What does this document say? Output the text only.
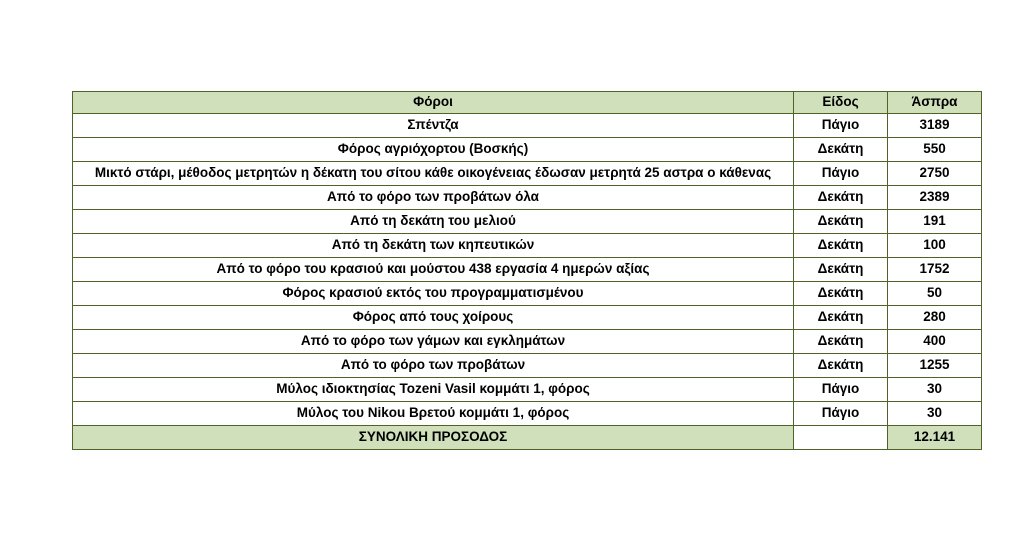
Φόροι	Είδος	Άσπρα
Σπέντζα	Πάγιο	3189
Φόρος αγριόχορτου (Βοσκής)	Δεκάτη	550
Μικτό στάρι, μέθοδος μετρητών η δέκατη του σίτου κάθε οικογένειας έδωσαν μετρητά 25 αστρα ο κάθενας	Πάγιο	2750
Από το φόρο των προβάτων όλα	Δεκάτη	2389
Από τη δεκάτη του μελιού	Δεκάτη	191
Από τη δεκάτη των κηπευτικών	Δεκάτη	100
Από το φόρο του κρασιού και μούστου 438 εργασία 4 ημερών αξίας	Δεκάτη	1752
Φόρος κρασιού εκτός του προγραμματισμένου	Δεκάτη	50
Φόρος από τους χοίρους	Δεκάτη	280
Από το φόρο των γάμων και εγκλημάτων	Δεκάτη	400
Από το φόρο των προβάτων	Δεκάτη	1255
Μύλος ιδιοκτησίας Tozeni Vasil κομμάτι 1, φόρος	Πάγιο	30
Μύλος του Nikou Βρετού κομμάτι 1, φόρος	Πάγιο	30
ΣΥΝΟΛΙΚΗ ΠΡΟΣΟΔΟΣ		12.141
